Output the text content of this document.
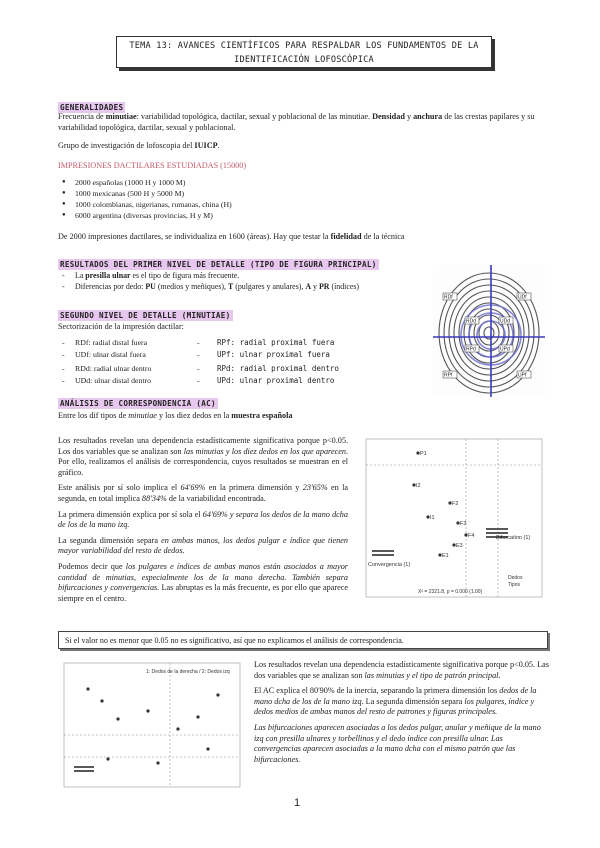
TEMA 13: AVANCES CIENTÍFICOS PARA RESPALDAR LOS FUNDAMENTOS DE LA
IDENTIFICACIÓN LOFOSCÓPICA
GENERALIDADES
Frecuencia de minutiae: variabilidad topológica, dactilar, sexual y poblacional de las minutiae. Densidad y anchura de las crestas papilares y su variabilidad topológica, dactilar, sexual y poblacional.
Grupo de investigación de lofoscopia del IUICP.
IMPRESIONES DACTILARES ESTUDIADAS (15000)
● 2000 españolas (1000 H y 1000 M)
● 1000 mexicanas (500 H y 5000 M)
● 1000 colombianas, nigerianas, rumanas, china (H)
● 6000 argentina (diversas provincias, H y M)
De 2000 impresiones dactilares, se individualiza en 1600 (áreas). Hay que testar la fidelidad de la técnica
RESULTADOS DEL PRIMER NIVEL DE DETALLE (TIPO DE FIGURA PRINCIPAL)
- La presilla ulnar es el tipo de figura más frecuente.
- Diferencias por dedo: PU (medios y meñiques), T (pulgares y anulares), A y PR (índices)
SEGUNDO NIVEL DE DETALLE (MINUTIAE)
Sectorización de la impresión dactilar:
- RDf: radial distal fuera	-	RPf: radial proximal fuera
- UDf: ulnar distal fuera	-	UPf: ulnar proximal fuera
- RDd: radial ulnar dentro	-	RPd: radial proximal dentro
- UDd: ulnar distal dentro	-	UPd: ulnar proximal dentro
RDf	UDf
RDd	UDd
RPd	UPd
RPf	UPf
ANÁLISIS DE CORRESPONDENCIA (AC)
Entre los dif tipos de minutiae y los diez dedos en la muestra española
Los resultados revelan una dependencia estadísticamente significativa porque p<0.05. Los dos variables que se analizan son las minutias y los diez dedos en los que aparecen. Por ello, realizamos el análisis de correspondencia, cuyos resultados se muestran en el gráfico.
Este análisis por sí solo implica el 64'69% en la primera dimensión y 23'65% en la segunda, en total implica 88'34% de la variabilidad encontrada.
La primera dimensión explica por sí sola el 64'69% y separa los dedos de la mano dcha de los de la mano izq.
La segunda dimensión separa en ambas manos, los dedos pulgar e índice que tienen mayor variabilidad del resto de dedos.
Podemos decir que los pulgares e índices de ambas manos están asociados a mayor cantidad de minutias, especialmente los de la mano derecha. También separa bifurcaciones y convergencias. Las abruptas es la más frecuente, es por ello que aparece siempre en el centro.
P1
I2
I1
F2
F3
F4
E3
E1
Bifurcation (1)
Convergencia (1)
Dedos
Tipos
X² = 2321.8, p = 0.000 (1.00)
Si el valor no es menor que 0.05 no es significativo, así que no explicamos el análisis de correspondencia.
1: Dedos de la derecha / 2: Dedos izq
Los resultados revelan una dependencia estadísticamente significativa porque p<0.05. Las dos variables que se analizan son las minutias y el tipo de patrón principal.
El AC explica el 80'90% de la inercia, separando la primera dimensión los dedos de la mano dcha de los de la mano izq. La segunda dimensión separa los pulgares, índice y dedos medios de ambas manos del resto de patrones y figuras principales.
Las bifurcaciones aparecen asociadas a los dedos pulgar, anular y meñique de la mano izq con presilla ulnares y torbellinos y el dedo índice con presilla ulnar. Las convergencias aparecen asociadas a la mano dcha con el mismo patrón que las bifurcaciones.
1
